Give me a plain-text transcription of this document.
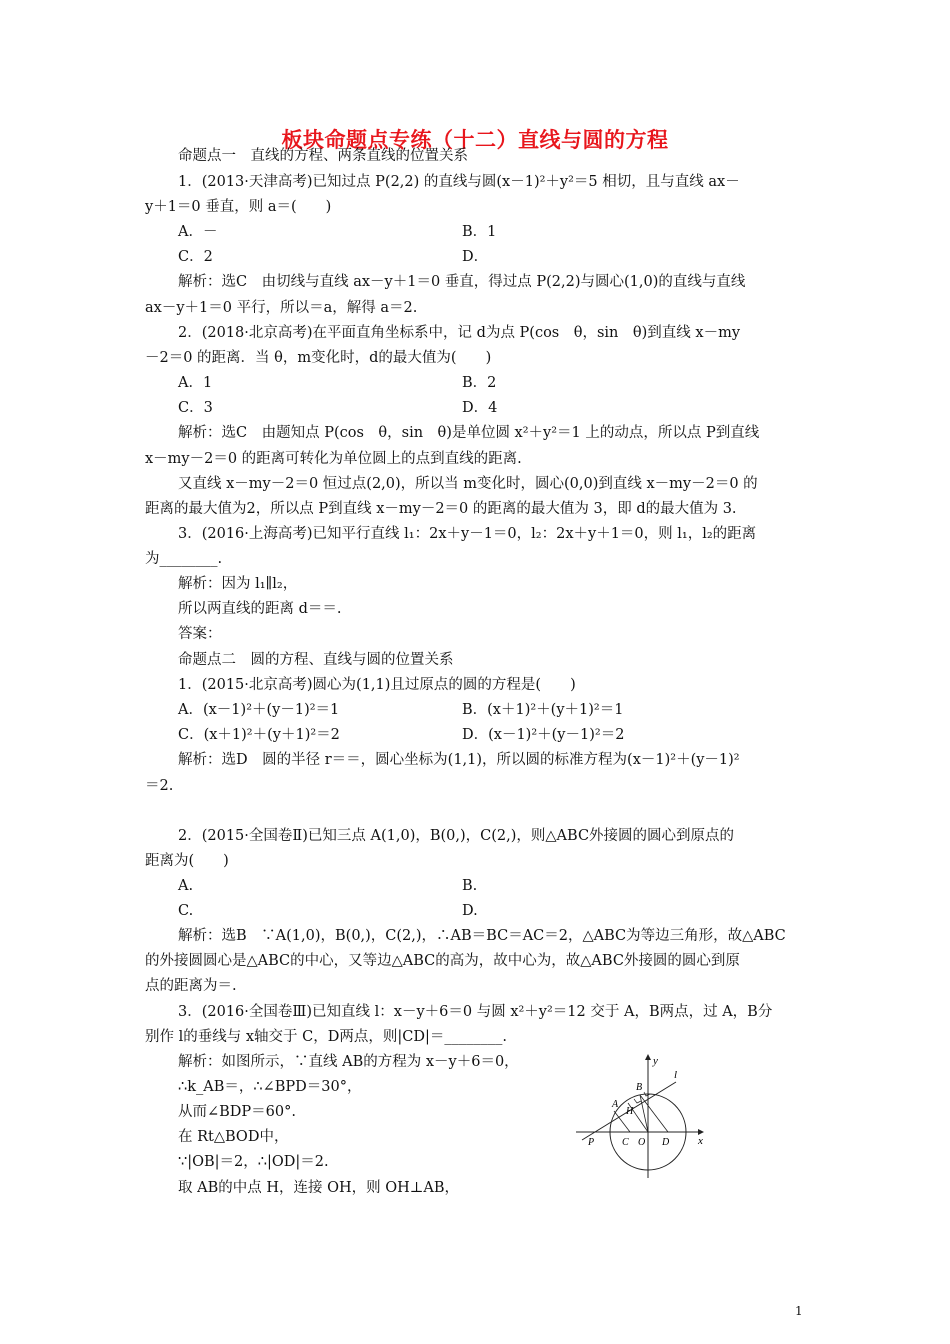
板块命题点专练（十二）直线与圆的方程
命题点一　直线的方程、两条直线的位置关系
1．(2013·天津高考)已知过点 P(2,2) 的直线与圆(x－1)²＋y²＝5 相切，且与直线 ax－
y＋1＝0 垂直，则 a＝(　　)
解析：选C　由切线与直线 ax－y＋1＝0 垂直，得过点 P(2,2)与圆心(1,0)的直线与直线
ax－y＋1＝0 平行，所以＝a，解得 a＝2.
2．(2018·北京高考)在平面直角坐标系中，记 d为点 P(cos　θ，sin　θ)到直线 x－my
－2＝0 的距离．当 θ，m变化时，d的最大值为(　　)
解析：选C　由题知点 P(cos　θ，sin　θ)是单位圆 x²＋y²＝1 上的动点，所以点 P到直线
x－my－2＝0 的距离可转化为单位圆上的点到直线的距离.
又直线 x－my－2＝0 恒过点(2,0)，所以当 m变化时，圆心(0,0)到直线 x－my－2＝0 的
距离的最大值为2，所以点 P到直线 x－my－2＝0 的距离的最大值为 3，即 d的最大值为 3.
3．(2016·上海高考)已知平行直线 l₁：2x＋y－1＝0，l₂：2x＋y＋1＝0，则 l₁，l₂的距离
为________.
解析：因为 l₁∥l₂，
所以两直线的距离 d＝＝.
答案：
命题点二　圆的方程、直线与圆的位置关系
1．(2015·北京高考)圆心为(1,1)且过原点的圆的方程是(　　)
解析：选D　圆的半径 r＝＝，圆心坐标为(1,1)，所以圆的标准方程为(x－1)²＋(y－1)²
＝2.
2．(2015·全国卷Ⅱ)已知三点 A(1,0)，B(0,)，C(2,)，则△ABC外接圆的圆心到原点的
距离为(　　)
解析：选B　∵A(1,0)，B(0,)，C(2,)，∴AB＝BC＝AC＝2，△ABC为等边三角形，故△ABC
的外接圆圆心是△ABC的中心，又等边△ABC的高为，故中心为，故△ABC外接圆的圆心到原
点的距离为＝.
3．(2016·全国卷Ⅲ)已知直线 l：x－y＋6＝0 与圆 x²＋y²＝12 交于 A，B两点，过 A，B分
别作 l的垂线与 x轴交于 C，D两点，则|CD|＝________.
解析：如图所示，∵直线 AB的方程为 x－y＋6＝0，
∴k_AB＝，∴∠BPD＝30°，
从而∠BDP＝60°.
在 Rt△BOD中，
∵|OB|＝2，∴|OD|＝2.
取 AB的中点 H，连接 OH，则 OH⊥AB，
A．－	B．1
C．2	D．
A．1	B．2
C．3	D．4
A．(x－1)²＋(y－1)²＝1	B．(x＋1)²＋(y＋1)²＝1
C．(x＋1)²＋(y＋1)²＝2	D．(x－1)²＋(y－1)²＝2
A.	B.
C.	D.
y
x
l
B
A
H
P	C O D
1
